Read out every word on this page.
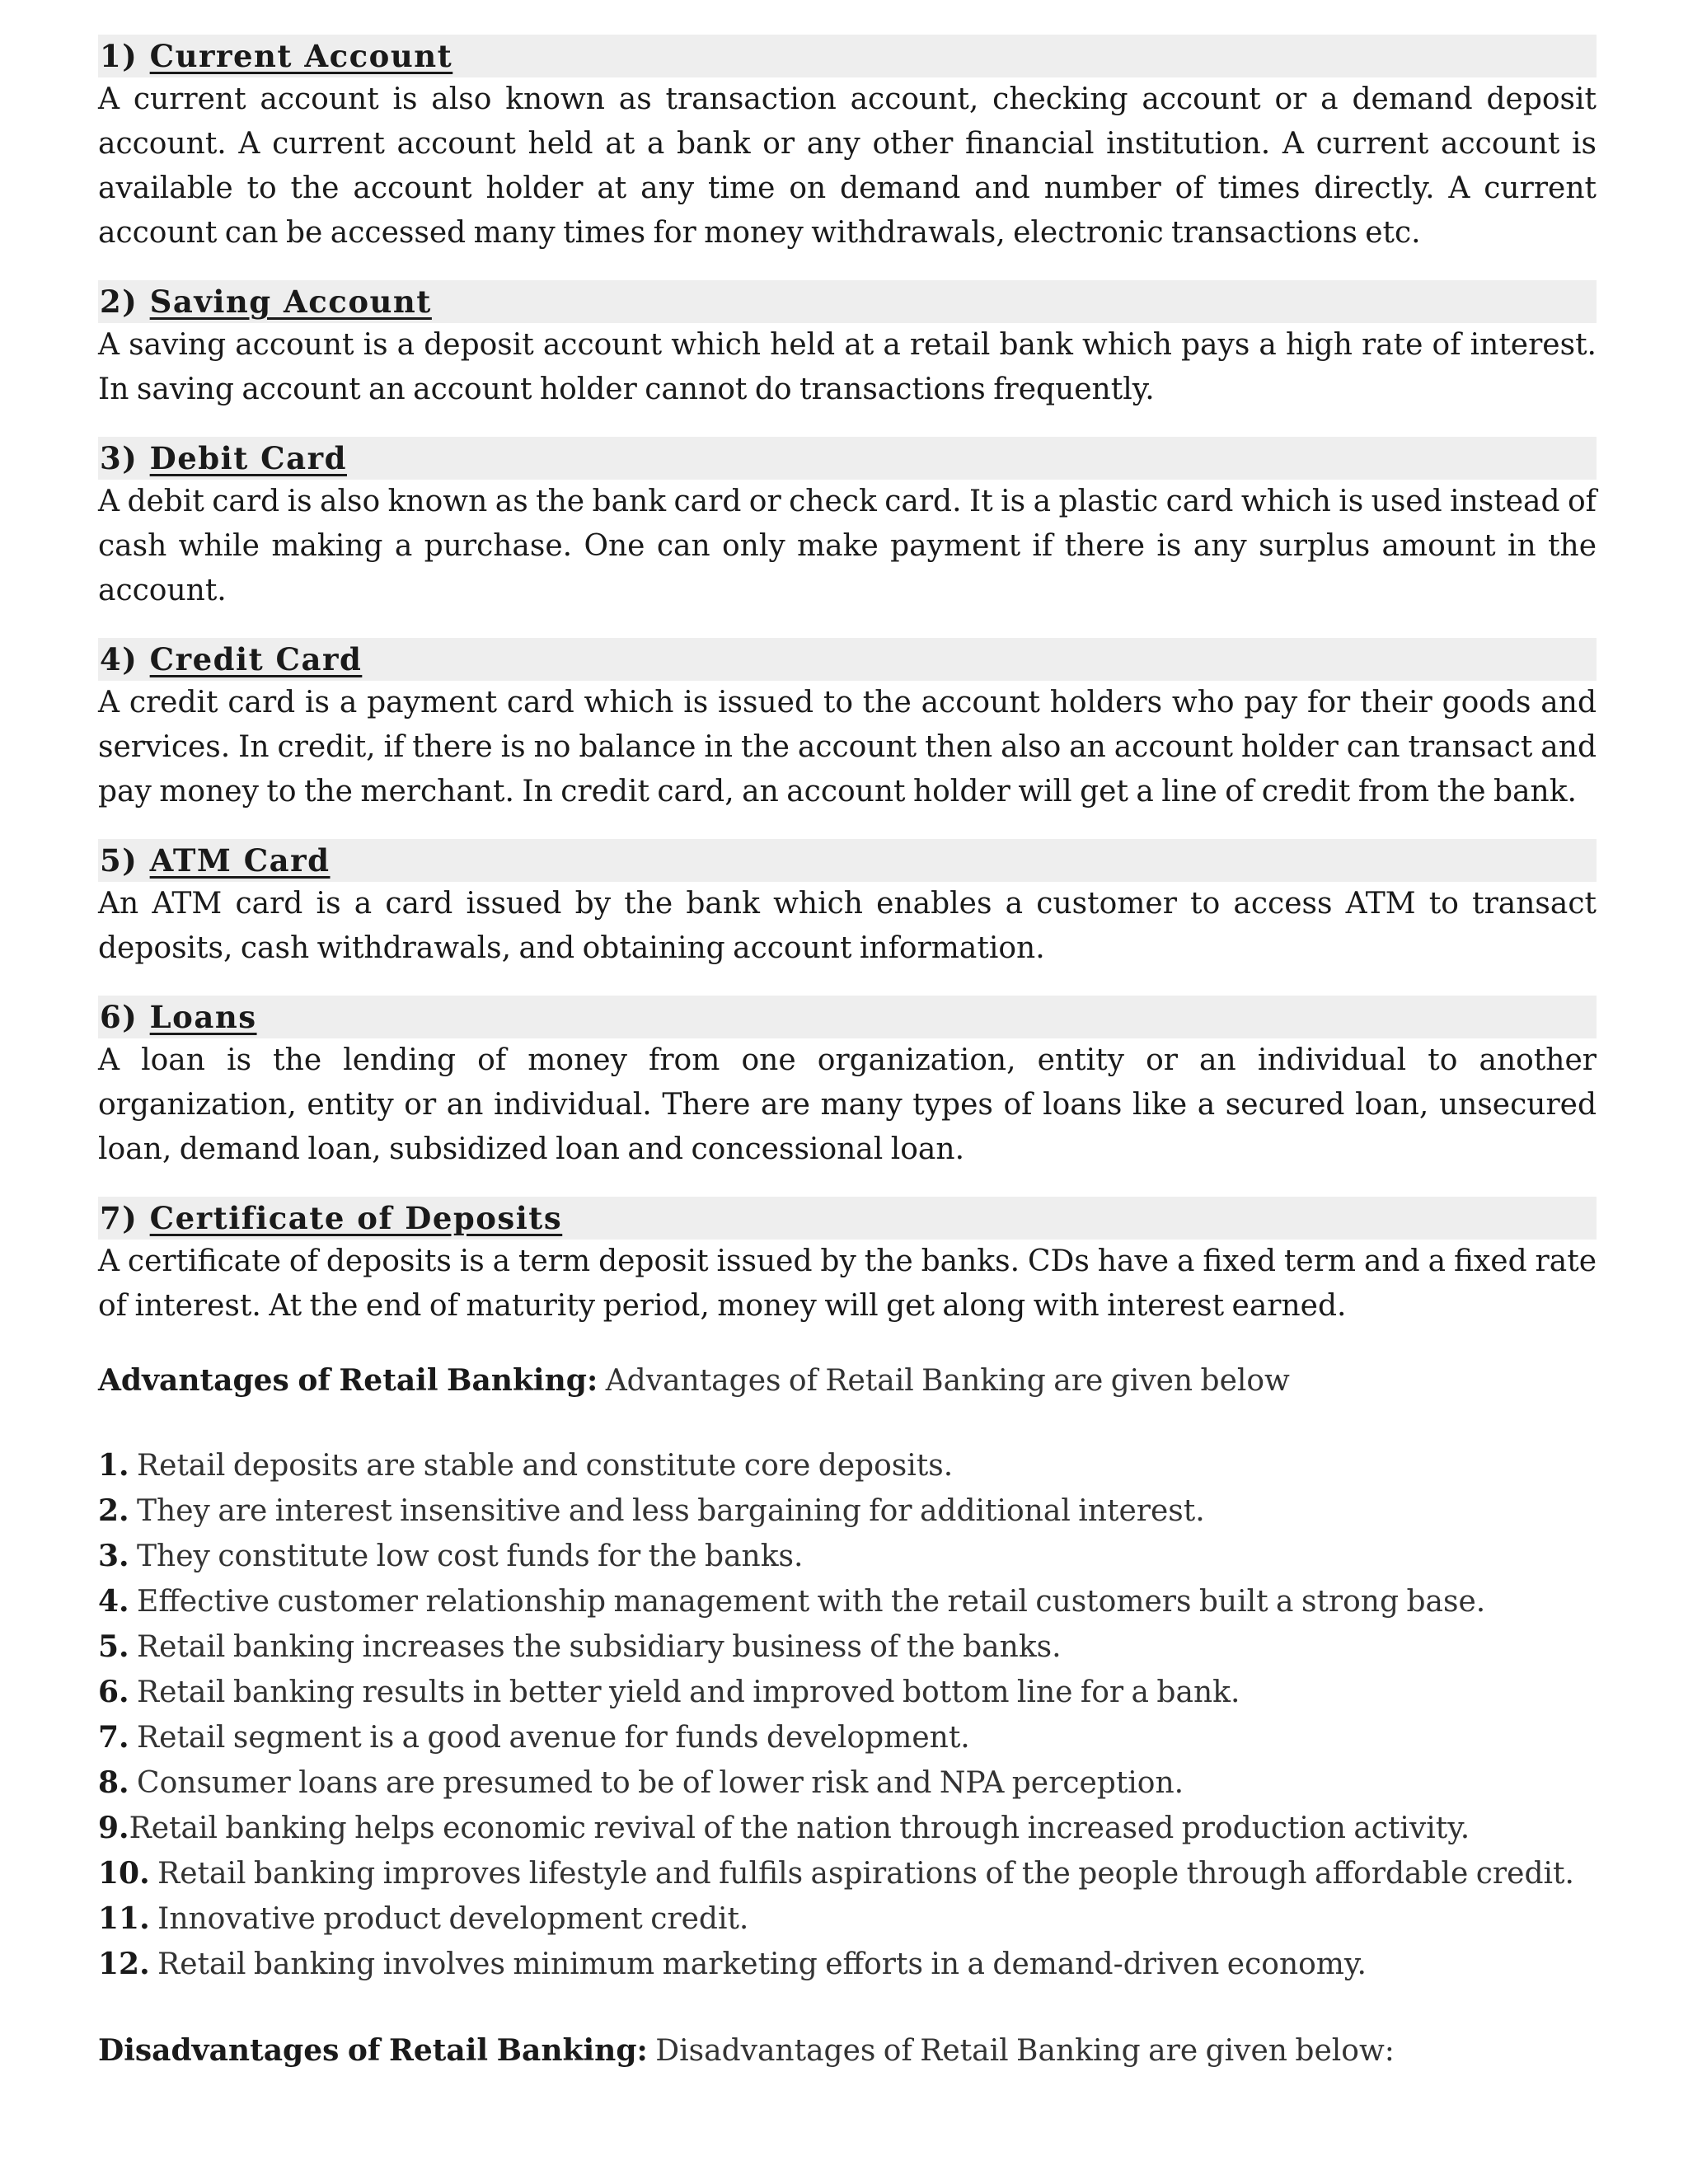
1) Current Account
A current account is also known as transaction account, checking account or a demand deposit account. A current account held at a bank or any other financial institution. A current account is available to the account holder at any time on demand and number of times directly. A current account can be accessed many times for money withdrawals, electronic transactions etc.
2) Saving Account
A saving account is a deposit account which held at a retail bank which pays a high rate of interest. In saving account an account holder cannot do transactions frequently.
3) Debit Card
A debit card is also known as the bank card or check card. It is a plastic card which is used instead of cash while making a purchase. One can only make payment if there is any surplus amount in the account.
4) Credit Card
A credit card is a payment card which is issued to the account holders who pay for their goods and services. In credit, if there is no balance in the account then also an account holder can transact and pay money to the merchant. In credit card, an account holder will get a line of credit from the bank.
5) ATM Card
An ATM card is a card issued by the bank which enables a customer to access ATM to transact deposits, cash withdrawals, and obtaining account information.
6) Loans
A loan is the lending of money from one organization, entity or an individual to another organization, entity or an individual. There are many types of loans like a secured loan, unsecured loan, demand loan, subsidized loan and concessional loan.
7) Certificate of Deposits
A certificate of deposits is a term deposit issued by the banks. CDs have a fixed term and a fixed rate of interest. At the end of maturity period, money will get along with interest earned.
Advantages of Retail Banking: Advantages of Retail Banking are given below
1. Retail deposits are stable and constitute core deposits.
2. They are interest insensitive and less bargaining for additional interest.
3. They constitute low cost funds for the banks.
4. Effective customer relationship management with the retail customers built a strong base.
5. Retail banking increases the subsidiary business of the banks.
6. Retail banking results in better yield and improved bottom line for a bank.
7. Retail segment is a good avenue for funds development.
8. Consumer loans are presumed to be of lower risk and NPA perception.
9.Retail banking helps economic revival of the nation through increased production activity.
10. Retail banking improves lifestyle and fulfils aspirations of the people through affordable credit.
11. Innovative product development credit.
12. Retail banking involves minimum marketing efforts in a demand-driven economy.
Disadvantages of Retail Banking: Disadvantages of Retail Banking are given below:
